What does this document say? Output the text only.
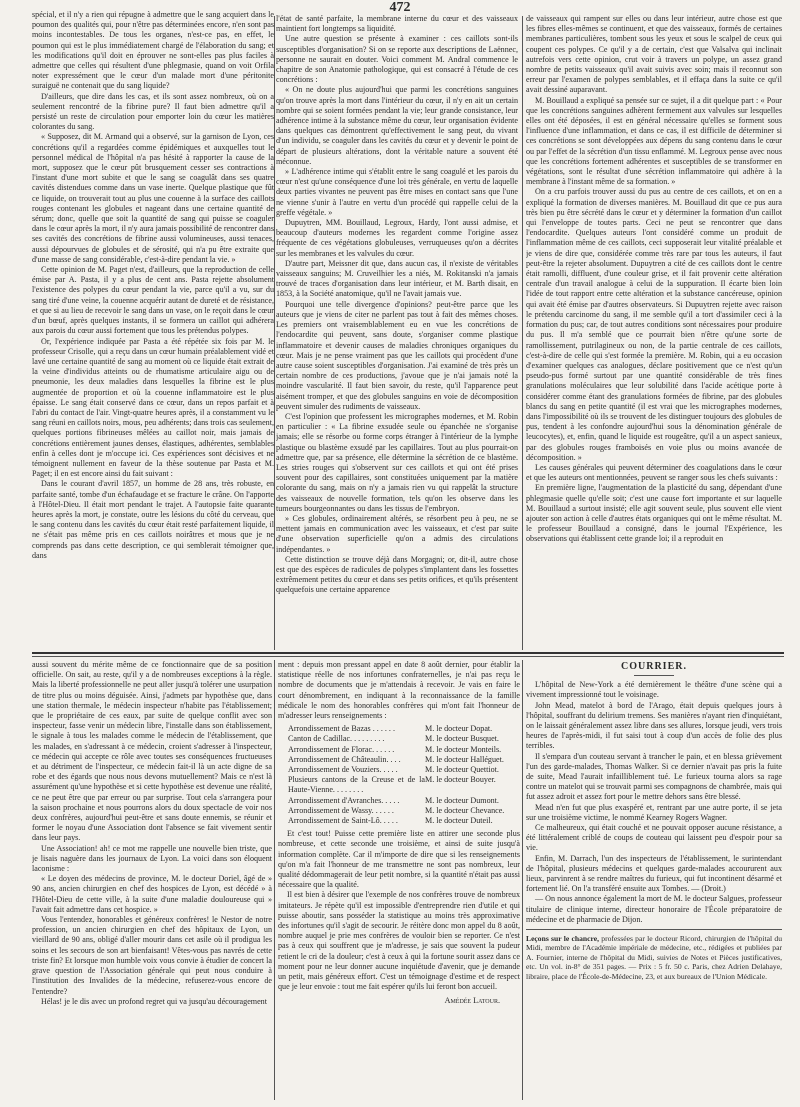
472

spécial, et il n'y a rien qui répugne à admettre que le sang acquiert dans le poumon des qualités qui, pour n'être pas déterminées encore, n'en sont pas moins incontestables. De tous les organes, n'est-ce pas, en effet, le poumon qui est le plus immédiatement chargé de l'élaboration du sang; et les modifications qu'il doit en éprouver ne sont-elles pas plus faciles à admettre que celles qui résultent d'une phlegmasie, quand on voit Orfila noter expressément que le cœur d'un malade mort d'une péritonite suraiguë ne contenait que du sang liquide?

D'ailleurs, que dire dans les cas, et ils sont assez nombreux, où on a seulement rencontré de la fibrine pure? Il faut bien admettre qu'il a persisté un reste de circulation pour emporter loin du cœur les matières colorantes du sang.

« Supposez, dit M. Armand qui a observé, sur la garnison de Lyon, ces concrétions qu'il a regardées comme épidémiques et auxquelles tout le personnel médical de l'hôpital n'a pas hésité à rapporter la cause de la mort, supposez que le cœur pût brusquement cesser ses contractions à l'instant d'une mort subite et que le sang se coagulât dans ses quatre cavités distendues comme dans un vase inerte. Quelque plastique que fût ce liquide, on trouverait tout au plus une couenne à la surface des caillots rouges contenant les globules et nageant dans une certaine quantité de sérum; donc, quelle que soit la quantité de sang qui puisse se coaguler dans le cœur après la mort, il n'y aura jamais possibilité de rencontrer dans ses cavités des concrétions de fibrine aussi volumineuses, aussi tenaces, aussi dépourvues de globules et de sérosité, qui n'a pu être extraite que d'une masse de sang considérable, c'est-à-dire pendant la vie. »

Cette opinion de M. Paget n'est, d'ailleurs, que la reproduction de celle émise par A. Pasta, il y a plus de cent ans. Pasta rejette absolument l'existence des polypes du cœur pendant la vie, parce qu'il a vu, sur du sang tiré d'une veine, la couenne acquérir autant de dureté et de résistance, et que si au lieu de recevoir le sang dans un vase, on le reçoit dans le cœur d'un bœuf, après quelques instants, il se formera un caillot qui adhérera aux parois du cœur aussi fortement que tous les prétendus polypes.

Or, l'expérience indiquée par Pasta a été répétée six fois par M. le professeur Crisolle, qui a reçu dans un cœur humain préalablement vidé et lavé une certaine quantité de sang au moment où ce liquide était extrait de la veine d'individus atteints ou de rhumatisme articulaire aigu ou de pneumonie, les deux maladies dans lesquelles la fibrine est le plus augmentée de proportion et où la couenne inflammatoire est le plus épaisse. Le sang était conservé dans ce cœur, dans un repos parfait et à l'abri du contact de l'air. Vingt-quatre heures après, il a constamment vu le sang réuni en caillots noirs, mous, peu adhérents; dans trois cas seulement, quelques portions fibrineuses mêlées au caillot noir, mais jamais de concrétions entièrement jaunes denses, élastiques, adhérentes, semblables enfin à celles dont je m'occupe ici. Ces expériences sont décisives et ne témoignent nullement en faveur de la thèse soutenue par Pasta et M. Paget; il en est encore ainsi du fait suivant :

Dans le courant d'avril 1857, un homme de 28 ans, très robuste, en parfaite santé, tombe d'un échafaudage et se fracture le crâne. On l'apporte à l'Hôtel-Dieu. Il était mort pendant le trajet. A l'autopsie faite quarante heures après la mort, je constate, outre les lésions du côté du cerveau, que le sang contenu dans les cavités du cœur était resté parfaitement liquide, il ne s'était pas même pris en ces caillots noirâtres et mous que je ne comprends pas dans cette description, ce qui semblerait témoigner que, dans

l'état de santé parfaite, la membrane interne du cœur et des vaisseaux maintient fort longtemps sa liquidité.

Une autre question se présente à examiner : ces caillots sont-ils susceptibles d'organisation? Si on se reporte aux descriptions de Laënnec, personne ne saurait en douter. Voici comment M. Andral commence le chapitre de son Anatomie pathologique, qui est consacré à l'étude de ces concrétions :

« On ne doute plus aujourd'hui que parmi les concrétions sanguines qu'on trouve après la mort dans l'intérieur du cœur, il n'y en ait un certain nombre qui se soient formées pendant la vie; leur grande consistance, leur adhérence intime à la substance même du cœur, leur organisation évidente dans quelques cas démontrent qu'effectivement le sang peut, du vivant d'un individu, se coaguler dans les cavités du cœur et y devenir le point de départ de plusieurs altérations, dont la véritable nature a souvent été méconnue.

» L'adhérence intime qui s'établit entre le sang coagulé et les parois du cœur n'est qu'une conséquence d'une loi très générale, en vertu de laquelle deux parties vivantes ne peuvent pas être mises en contact sans que l'une ne vienne s'unir à l'autre en vertu d'un procédé qui rappelle celui de la greffe végétale. »

Dupuytren, MM. Bouillaud, Legroux, Hardy, l'ont aussi admise, et beaucoup d'auteurs modernes les regardent comme l'origine assez fréquente de ces végétations globuleuses, verruqueuses qu'on a décrites sur les membranes et les valvules du cœur.

D'autre part, Meissner dit que, dans aucun cas, il n'existe de véritables vaisseaux sanguins; M. Cruveilhier les a niés, M. Rokitanski n'a jamais trouvé de traces d'organisation dans leur intérieur, et M. Barth disait, en 1853, à la Société anatomique, qu'il ne l'avait jamais vue.

Pourquoi une telle divergence d'opinions? peut-être parce que les auteurs que je viens de citer ne parlent pas tout à fait des mêmes choses. Les premiers ont vraisemblablement eu en vue les concrétions de l'endocardite qui peuvent, sans doute, s'organiser comme plastique inflammatoire et devenir causes de maladies chroniques organiques du cœur. Mais je ne pense vraiment pas que les caillots qui procèdent d'une autre cause soient susceptibles d'organisation. J'ai examiné de très près un certain nombre de ces productions, j'avoue que je n'ai jamais noté la moindre vascularité. Il faut bien savoir, du reste, qu'il l'apparence peut aisément tromper, et que des globules sanguins en voie de décomposition peuvent simuler des rudiments de vaisseaux.

C'est l'opinion que professent les micrographes modernes, et M. Robin en particulier : « La fibrine exsudée seule ou épanchée ne s'organise jamais; elle se résorbe ou forme corps étranger à l'intérieur de la lymphe plastique ou blastème exsudé par les capillaires. Tout au plus pourrait-on admettre que, par sa présence, elle détermine la sécrétion de ce blastème. Les stries rouges qui s'observent sur ces caillots et qui ont été prises souvent pour des capillaires, sont constituées uniquement par la matière colorante du sang, mais on n'y a jamais rien vu qui rappelât la structure des vaisseaux de nouvelle formation, tels qu'on les observe dans les tumeurs bourgeonnantes ou dans les tissus de l'embryon.

» Ces globules, ordinairement altérés, se résorbent peu à peu, ne se mettent jamais en communication avec les vaisseaux, et c'est par suite d'une observation superficielle qu'on a admis des circulations indépendantes. »

Cette distinction se trouve déjà dans Morgagni; or, dit-il, autre chose est que des espèces de radicules de polypes s'implantent dans les fossettes extrêmement petites du cœur et dans ses petits orifices, et qu'ils présentent quelquefois une certaine apparence

de vaisseaux qui rampent sur elles ou dans leur intérieur, autre chose est que les fibres elles-mêmes se continuent, et que des vaisseaux, formés de certaines membranes particulières, tombent sous les yeux et sous le scalpel de ceux qui coupent ces polypes. Ce qu'il y a de certain, c'est que Valsalva qui inclinait autrefois vers cette opinion, crut voir à travers un polype, un assez grand nombre de petits vaisseaux qu'il avait suivis avec soin; mais il reconnut son erreur par l'examen de polypes semblables, et il effaça dans la suite ce qu'il avait dessiné auparavant.

M. Bouillaud a expliqué sa pensée sur ce sujet, il a dit quelque part : « Pour que les concrétions sanguines adhèrent fermement aux valvules sur lesquelles elles ont été déposées, il est en général nécessaire qu'elles se forment sous l'influence d'une inflammation, et dans ce cas, il est difficile de déterminer si ces concrétions se sont développées aux dépens du sang contenu dans le cœur ou par l'effet de la sécrétion d'un tissu enflammé. M. Legroux pense avec nous que les concrétions fortement adhérentes et susceptibles de se transformer en végétations, sont le résultat d'une sécrétion inflammatoire qui adhère à la membrane à l'instant même de sa formation. »

On a cru parfois trouver aussi du pus au centre de ces caillots, et on en a expliqué la formation de diverses manières. M. Bouillaud dit que ce pus aura très bien pu être sécrété dans le cœur et y déterminer la formation d'un caillot qui l'enveloppe de toutes parts. Ceci ne peut se rencontrer que dans l'endocardite. Quelques auteurs l'ont considéré comme un produit de l'inflammation même de ces caillots, ceci supposerait leur vitalité préalable et je viens de dire que, considérée comme très rare par tous les auteurs, il faut peut-être la rejeter absolument. Dupuytren a cité de ces caillots dont le centre était ramolli, diffluent, d'une couleur grise, et il fait provenir cette altération centrale d'un travail analogue à celui de la suppuration. Il écarte bien loin l'idée de tout rapport entre cette altération et la substance cancéreuse, opinion qui avait été émise par d'autres observateurs. Si Dupuytren rejette avec raison le prétendu carcinome du sang, il me semble qu'il a tort d'assimiler ceci à la formation du pus; car, de tout autres conditions sont nécessaires pour produire du pus. Il m'a semblé que ce pourrait bien n'être qu'une sorte de ramollissement, putrilagineux ou non, de la partie centrale de ces caillots, c'est-à-dire de celle qui s'est formée la première. M. Robin, qui a eu occasion d'examiner quelques cas analogues, déclare positivement que ce n'est qu'un pseudo-pus formé surtout par une quantité considérable de très fines granulations moléculaires que leur solubilité dans l'acide acétique porte à considérer comme étant des granulations formées de fibrine, par des globules blancs du sang en petite quantité (il est vrai que les micrographes modernes, dans l'impossibilité où ils se trouvent de les distinguer toujours des globules de pus, tendent à les confondre aujourd'hui sous la dénomination générale de leucocytes), et, enfin, quand le liquide est rougeâtre, qu'il a un aspect sanieux, par des globules rouges framboisés en voie plus ou moins avancée de décomposition. »

Les causes générales qui peuvent déterminer des coagulations dans le cœur et que les auteurs ont mentionnées, peuvent se ranger sous les chefs suivants :

En première ligne, l'augmentation de la plasticité du sang, dépendant d'une phlegmasie quelle qu'elle soit; c'est une cause fort importante et sur laquelle M. Bouillaud a surtout insisté; elle agit souvent seule, plus souvent elle vient ajouter son action à celle d'autres états organiques qui ont le même résultat. M. le professeur Bouillaud a consigné, dans le journal l'Expérience, les observations qui établissent cette grande loi; il a reproduit en

aussi souvent du mérite même de ce fonctionnaire que de sa position officielle. On sait, au reste, qu'il y a de nombreuses exceptions à la règle. Mais la liberté professionnelle ne peut aller jusqu'à tolérer une usurpation de titre plus ou moins déguisée. Ainsi, j'admets par hypothèse que, dans une station thermale, le médecin inspecteur n'habite pas l'établissement; que le propriétaire de ces eaux, par suite de quelque conflit avec son inspecteur, fasse venir un médecin libre, l'installe dans son établissement, le signale à tous les malades comme le médecin de l'établissement, que les malades, en s'adressant à ce médecin, croient s'adresser à l'inspecteur, ce médecin qui accepte ce rôle avec toutes ses conséquences fructueuses et au détriment de l'inspecteur, ce médecin fait-il là un acte digne de sa robe et des égards que nous nous devons mutuellement? Mais ce n'est là assurément qu'une hypothèse et si cette hypothèse est devenue une réalité, ce ne peut être que par erreur ou par surprise. Tout cela s'arrangera pour la saison prochaine et nous pourrons alors du doux spectacle de voir nos deux confrères, aujourd'hui peut-être et sans doute ennemis, se réunir et former le noyau d'une Association dont l'absence se fait vivement sentir dans leur pays.

Une Association! ah! ce mot me rappelle une nouvelle bien triste, que je lisais naguère dans les journaux de Lyon. La voici dans son éloquent laconisme :

« Le doyen des médecins de province, M. le docteur Doriel, âgé de » 90 ans, ancien chirurgien en chef des hospices de Lyon, est décédé » à l'Hôtel-Dieu de cette ville, à la suite d'une maladie douloureuse qui » l'avait fait admettre dans cet hospice. »

Vous l'entendez, honorables et généreux confrères! le Nestor de notre profession, un ancien chirurgien en chef des hôpitaux de Lyon, un vieillard de 90 ans, obligé d'aller mourir dans cet asile où il prodigua les soins et les secours de son art bienfaisant! Vêtes-vous pas navrés de cette triste fin? Et lorsque mon humble voix vous convie à étudier de concert la grave question de l'Association générale qui peut nous conduire à l'institution des Invalides de la médecine, refuserez-vous encore de l'entendre?

Hélas! je le dis avec un profond regret qui va jusqu'au découragement

ment : depuis mon pressant appel en date 8 août dernier, pour établir la statistique réelle de nos infortunes confraternelles, je n'ai pas reçu le nombre de documents que je m'attendais à recevoir. Je vais en faire le court dénombrement, en indiquant à la reconnaissance de la famille médicale le nom des honorables confrères qui m'ont fait l'honneur de m'adresser leurs renseignements :

Arrondissement de Bazas . . . . . .	M. le docteur Dopat.
Canton de Cadillac. . . . . . . . .	M. le docteur Busquet.
Arrondissement de Florac. . . . . .	M. le docteur Monteils.
Arrondissement de Châteaulin. . . .	M. le docteur Halléguet.
Arrondissement de Vouziers. . . . .	M. le docteur Quettiot.
Plusieurs cantons de la Creuse et de la Haute-Vienne. . . . . . . .
M. le docteur Bouyer.
Arrondissement d'Avranches. . . . .	M. le docteur Dumont.
Arrondissement de Wassy. . . . . .	M. le docteur Chevance.
Arrondissement de Saint-Lô. . . . .	M. le docteur Duteil.

Et c'est tout! Puisse cette première liste en attirer une seconde plus nombreuse, et cette seconde une troisième, et ainsi de suite jusqu'à information complète. Car il m'importe de dire que si les renseignements qu'on m'a fait l'honneur de me transmettre ne sont pas nombreux, leur qualité dédommagerait de leur petit nombre, si la quantité n'était pas aussi nécessaire que la qualité.

Il est bien à désirer que l'exemple de nos confrères trouve de nombreux imitateurs. Je répète qu'il est impossible d'entreprendre rien d'utile et qui puisse aboutir, sans posséder la statistique au moins très approximative des infortunes qu'il s'agit de secourir. Je réitère donc mon appel du 8 août, nombre auquel je prie mes confrères de vouloir bien se reporter. Ce n'est pas à ceux qui souffrent que je m'adresse, je sais que souvent la pudeur retient le cri de la douleur; c'est à ceux à qui la fortune sourit assez dans ce moment pour ne leur donner aucune inquiétude d'avenir, que je demande un petit, mais généreux effort. C'est un témoignage d'estime et de respect que je leur envoie : tout me fait espérer qu'ils lui feront bon accueil.

Amédée Latour.
COURRIER.

L'hôpital de New-York a été dernièrement le théâtre d'une scène qui a vivement impressionné tout le voisinage.

John Mead, matelot à bord de l'Arago, était depuis quelques jours à l'hôpital, souffrant du delirium tremens. Ses manières n'ayant rien d'inquiétant, on le laissait généralement assez libre dans ses allures, lorsque jeudi, vers trois heures de l'après-midi, il fut saisi tout à coup d'un accès de folie des plus terribles.

Il s'empara d'un couteau servant à trancher le pain, et en blessa grièvement l'un des garde-malades, Thomas Walker. Si ce dernier n'avait pas pris la fuite de suite, Mead l'aurait infailliblement tué. Le furieux tourna alors sa rage contre un matelot qui se trouvait parmi ses compagnons de chambrée, mais qui fut assez adroit et assez fort pour le mettre dehors sans être blessé.

Mead n'en fut que plus exaspéré et, rentrant par une autre porte, il se jeta sur une troisième victime, le nommé Kearney Rogers Wagner.

Ce malheureux, qui était couché et ne pouvait opposer aucune résistance, a été littéralement criblé de coups de couteau qui laissent peu d'espoir pour sa vie.

Enfin, M. Darrach, l'un des inspecteurs de l'établissement, le surintendant de l'hôpital, plusieurs médecins et quelques garde-malades accoururent aux lieux, parvinrent à se rendre maîtres du furieux, qui fut incontinent désarmé et fortement lié. On l'a transféré ensuite aux Tombes. — (Droit.)

— On nous annonce également la mort de M. le docteur Salgues, professeur titulaire de clinique interne, directeur honoraire de l'École préparatoire de médecine et de pharmacie de Dijon.

Leçons sur le chancre, professées par le docteur Ricord, chirurgien de l'hôpital du Midi, membre de l'Académie impériale de médecine, etc., rédigées et publiées par A. Fournier, interne de l'hôpital du Midi, suivies de Notes et Pièces justificatives, etc. Un vol. in-8° de 351 pages. — Prix : 5 fr. 50 c. Paris, chez Adrien Delahaye, libraire, place de l'École-de-Médecine, 23, et aux bureaux de l'Union Médicale.
